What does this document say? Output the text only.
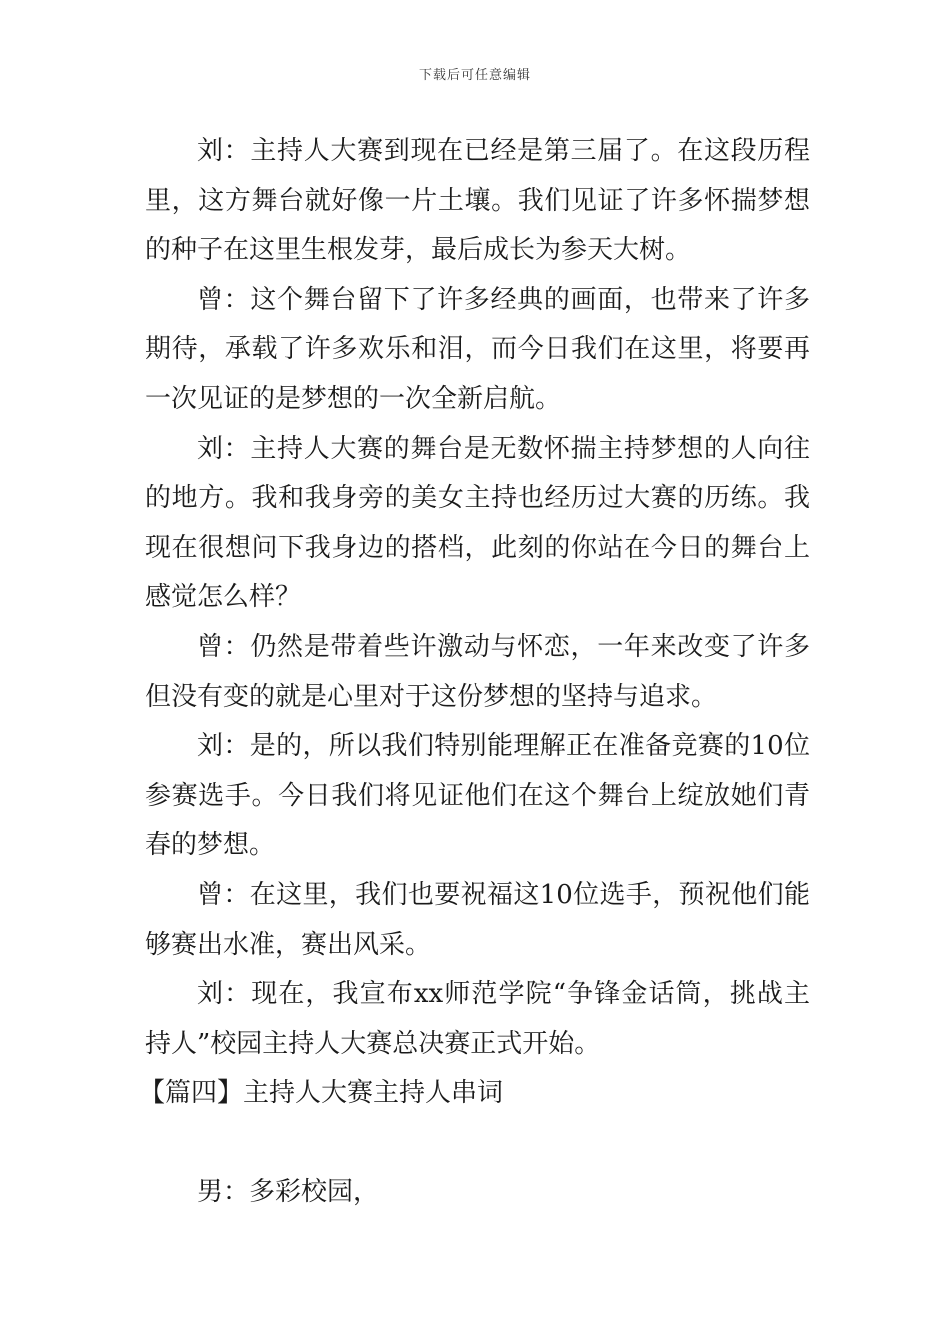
下载后可任意编辑

刘：主持人大赛到现在已经是第三届了。在这段历程里，这方舞台就好像一片土壤。我们见证了许多怀揣梦想的种子在这里生根发芽，最后成长为参天大树。

曾：这个舞台留下了许多经典的画面，也带来了许多期待，承载了许多欢乐和泪，而今日我们在这里，将要再一次见证的是梦想的一次全新启航。

刘：主持人大赛的舞台是无数怀揣主持梦想的人向往的地方。我和我身旁的美女主持也经历过大赛的历练。我现在很想问下我身边的搭档，此刻的你站在今日的舞台上感觉怎么样？

曾：仍然是带着些许激动与怀恋，一年来改变了许多但没有变的就是心里对于这份梦想的坚持与追求。

刘：是的，所以我们特别能理解正在准备竞赛的10位参赛选手。今日我们将见证他们在这个舞台上绽放她们青春的梦想。

曾：在这里，我们也要祝福这10位选手，预祝他们能够赛出水准，赛出风采。

刘：现在，我宣布xx师范学院“争锋金话筒，挑战主持人”校园主持人大赛总决赛正式开始。

【篇四】主持人大赛主持人串词

男：多彩校园，
